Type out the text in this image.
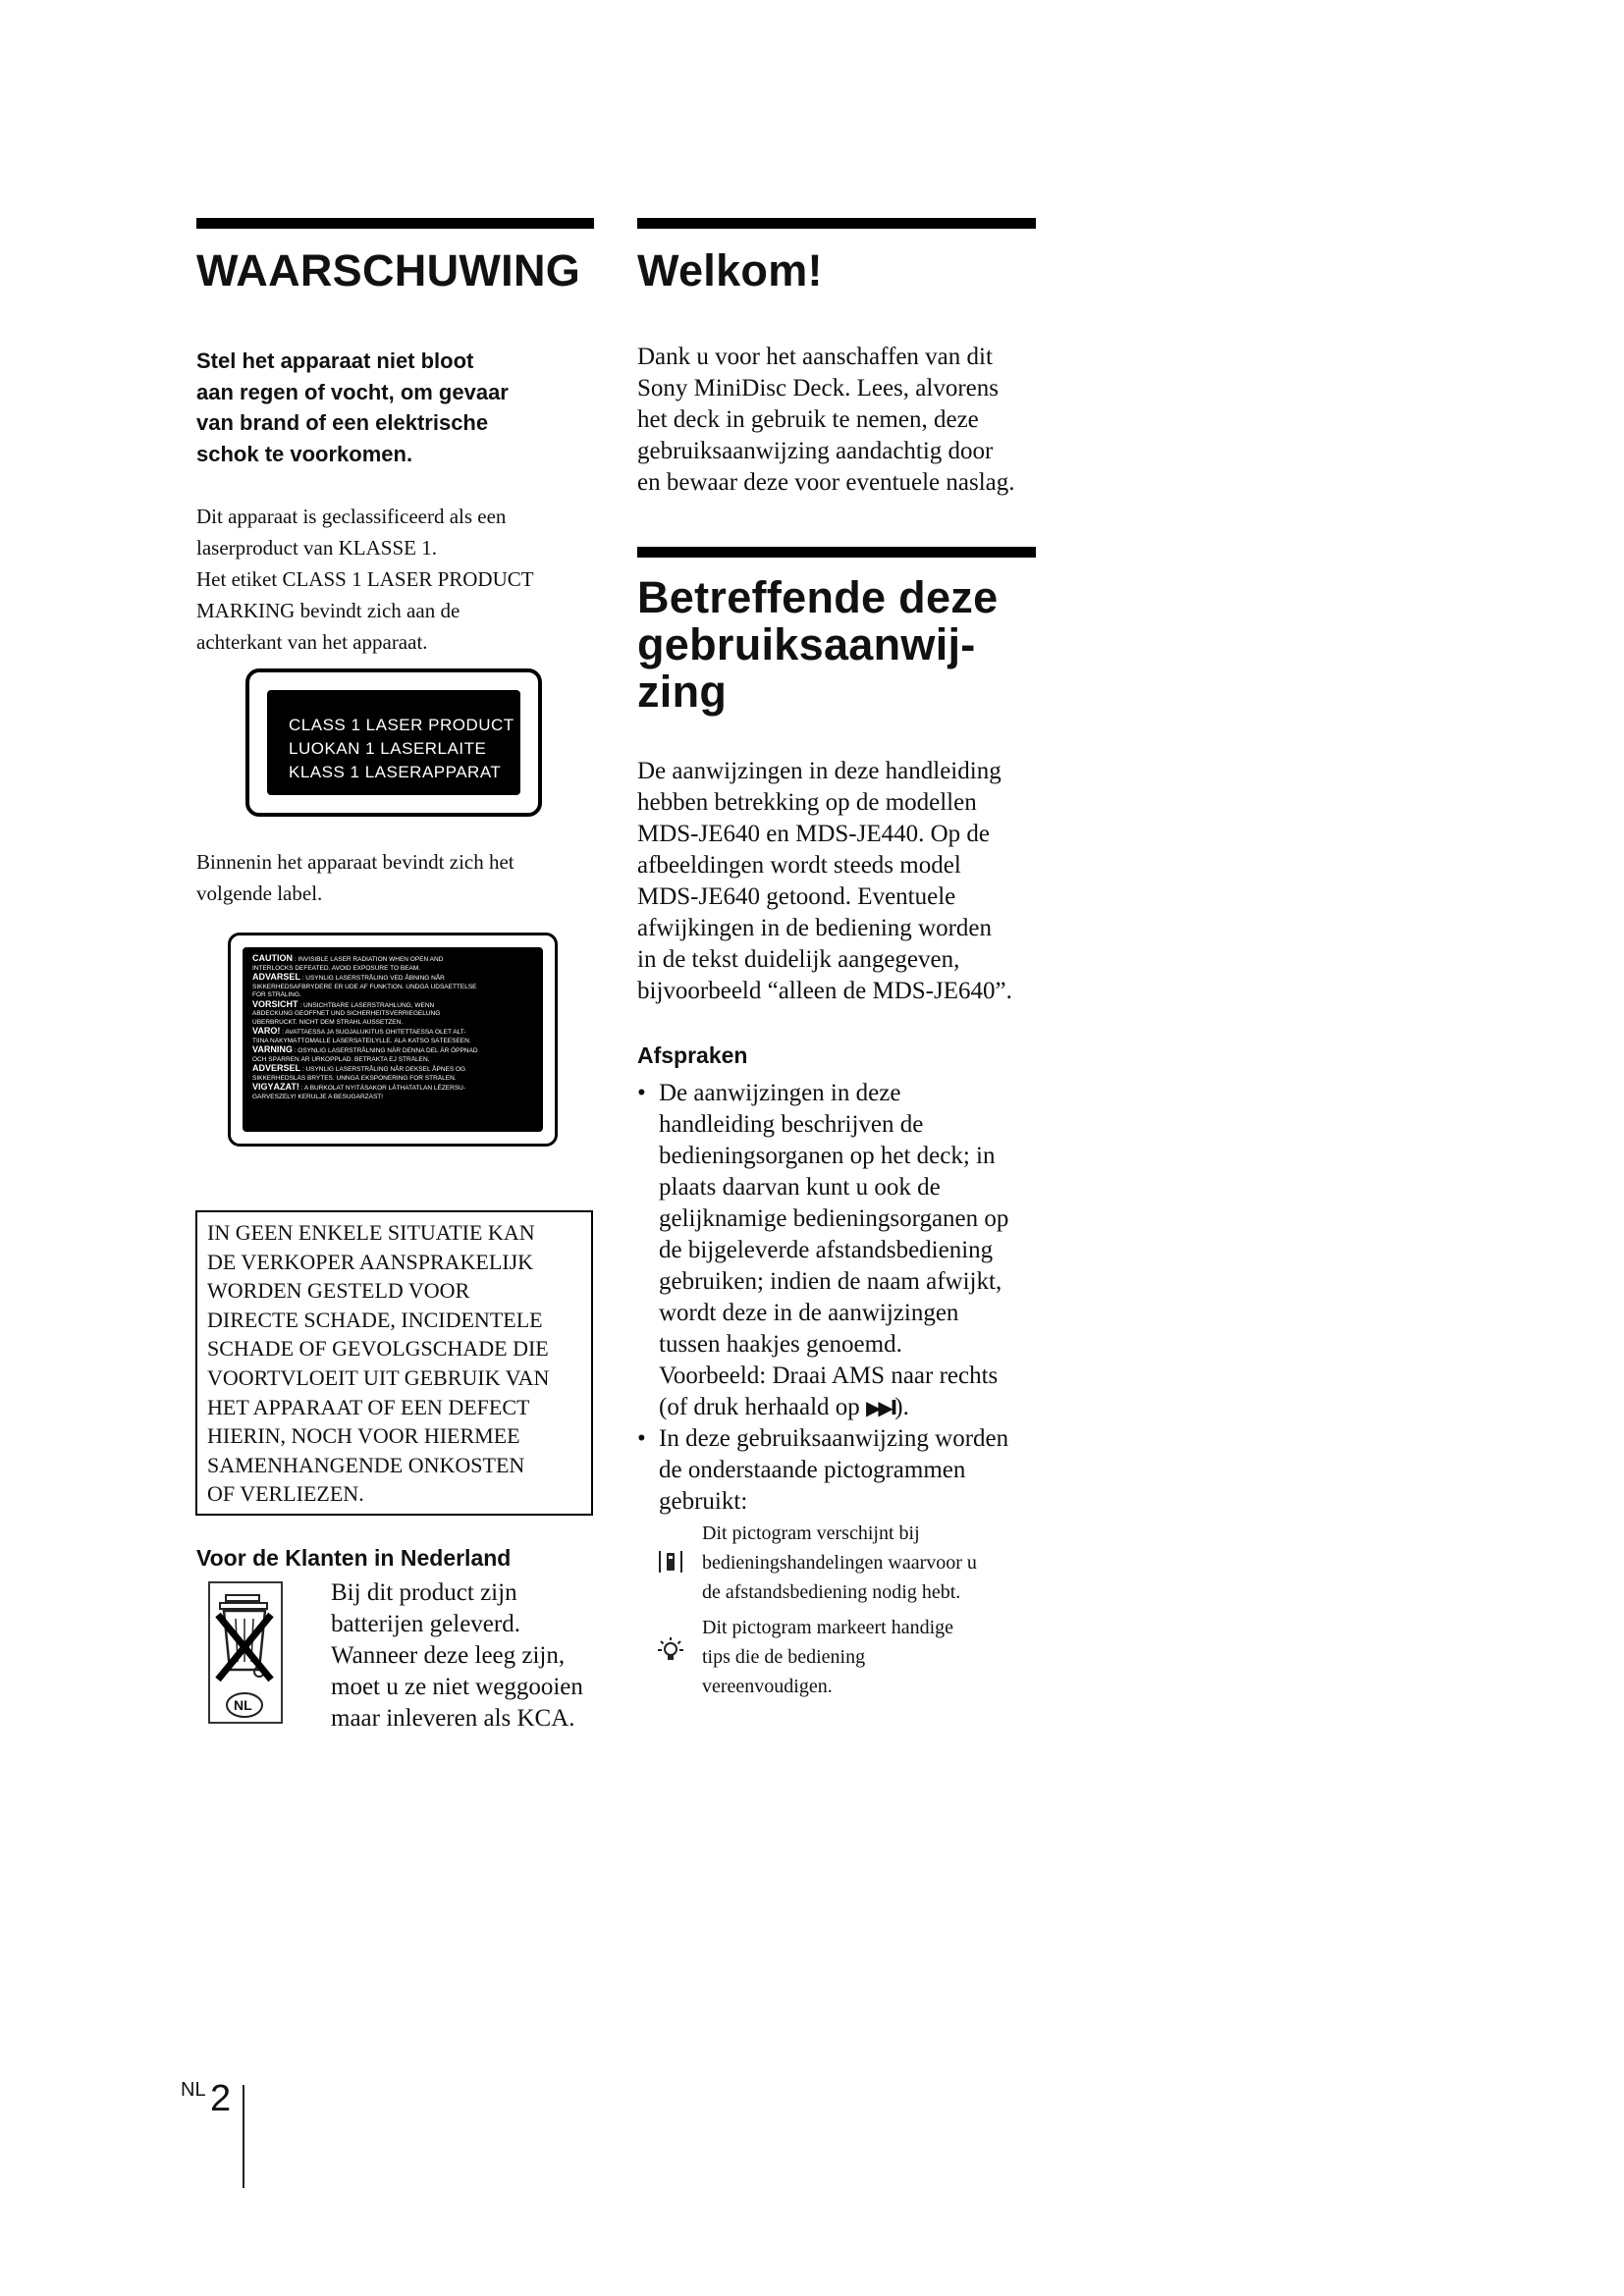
WAARSCHUWING
Stel het apparaat niet bloot
aan regen of vocht, om gevaar
van brand of een elektrische
schok te voorkomen.
Dit apparaat is geclassificeerd als een
laserproduct van KLASSE 1.
Het etiket CLASS 1 LASER PRODUCT
MARKING bevindt zich aan de
achterkant van het apparaat.
CLASS 1 LASER PRODUCT
LUOKAN 1 LASERLAITE
KLASS 1 LASERAPPARAT
Binnenin het apparaat bevindt zich het
volgende label.
CAUTION : INVISIBLE LASER RADIATION WHEN OPEN AND
INTERLOCKS DEFEATED. AVOID EXPOSURE TO BEAM.
ADVARSEL : USYNLIG LASERSTRÅLING VED ÅBNING NÅR
SIKKERHEDSAFBRYDERE ER UDE AF FUNKTION. UNDGÅ UDSAETTELSE
FOR STRÅLING.
VORSICHT : UNSICHTBARE LASERSTRAHLUNG, WENN
ABDECKUNG GEÖFFNET UND SICHERHEITSVERRIEGELUNG
ÜBERBRÜCKT. NICHT DEM STRAHL AUSSETZEN.
VARO! : AVATTAESSA JA SUOJALUKITUS OHITETTAESSA OLET ALT-
TIINA NÄKYMÄTTÖMÄLLE LASERSÄTEILYLLE. ÄLÄ KATSO SÄTEESEEN.
VARNING : OSYNLIG LASERSTRÅLNING NÄR DENNA DEL ÄR ÖPPNAD
OCH SPÄRREN ÄR URKOPPLAD. BETRAKTA EJ STRÅLEN.
ADVERSEL : USYNLIG LASERSTRÅLING NÅR DEKSEL ÅPNES OG
SIKKERHEDSLÅS BRYTES. UNNGÅ EKSPONERING FOR STRÅLEN.
VIGYÁZAT! : A BURKOLAT NYITÁSAKOR LÁTHATATLAN LÉZERSU-
GÁRVESZÉLY! KERÜLJE A BESUGÁRZÁST!
IN GEEN ENKELE SITUATIE KAN
DE VERKOPER AANSPRAKELIJK
WORDEN GESTELD VOOR
DIRECTE SCHADE, INCIDENTELE
SCHADE OF GEVOLGSCHADE DIE
VOORTVLOEIT UIT GEBRUIK VAN
HET APPARAAT OF EEN DEFECT
HIERIN, NOCH VOOR HIERMEE
SAMENHANGENDE ONKOSTEN
OF VERLIEZEN.
Voor de Klanten in Nederland
NL
Bij dit product zijn
batterijen geleverd.
Wanneer deze leeg zijn,
moet u ze niet weggooien
maar inleveren als KCA.
Welkom!
Dank u voor het aanschaffen van dit
Sony MiniDisc Deck. Lees, alvorens
het deck in gebruik te nemen, deze
gebruiksaanwijzing aandachtig door
en bewaar deze voor eventuele naslag.
Betreffende deze
gebruiksaanwij-
zing
De aanwijzingen in deze handleiding
hebben betrekking op de modellen
MDS-JE640 en MDS-JE440. Op de
afbeeldingen wordt steeds model
MDS-JE640 getoond. Eventuele
afwijkingen in de bediening worden
in de tekst duidelijk aangegeven,
bijvoorbeeld “alleen de MDS-JE640”.
Afspraken
• De aanwijzingen in deze
handleiding beschrijven de
bedieningsorganen op het deck; in
plaats daarvan kunt u ook de
gelijknamige bedieningsorganen op
de bijgeleverde afstandsbediening
gebruiken; indien de naam afwijkt,
wordt deze in de aanwijzingen
tussen haakjes genoemd.
Voorbeeld: Draai AMS naar rechts
(of druk herhaald op ▶▶I).
• In deze gebruiksaanwijzing worden
de onderstaande pictogrammen
gebruikt:
Dit pictogram verschijnt bij
bedieningshandelingen waarvoor u
de afstandsbediening nodig hebt.
Dit pictogram markeert handige
tips die de bediening
vereenvoudigen.
NL 2
